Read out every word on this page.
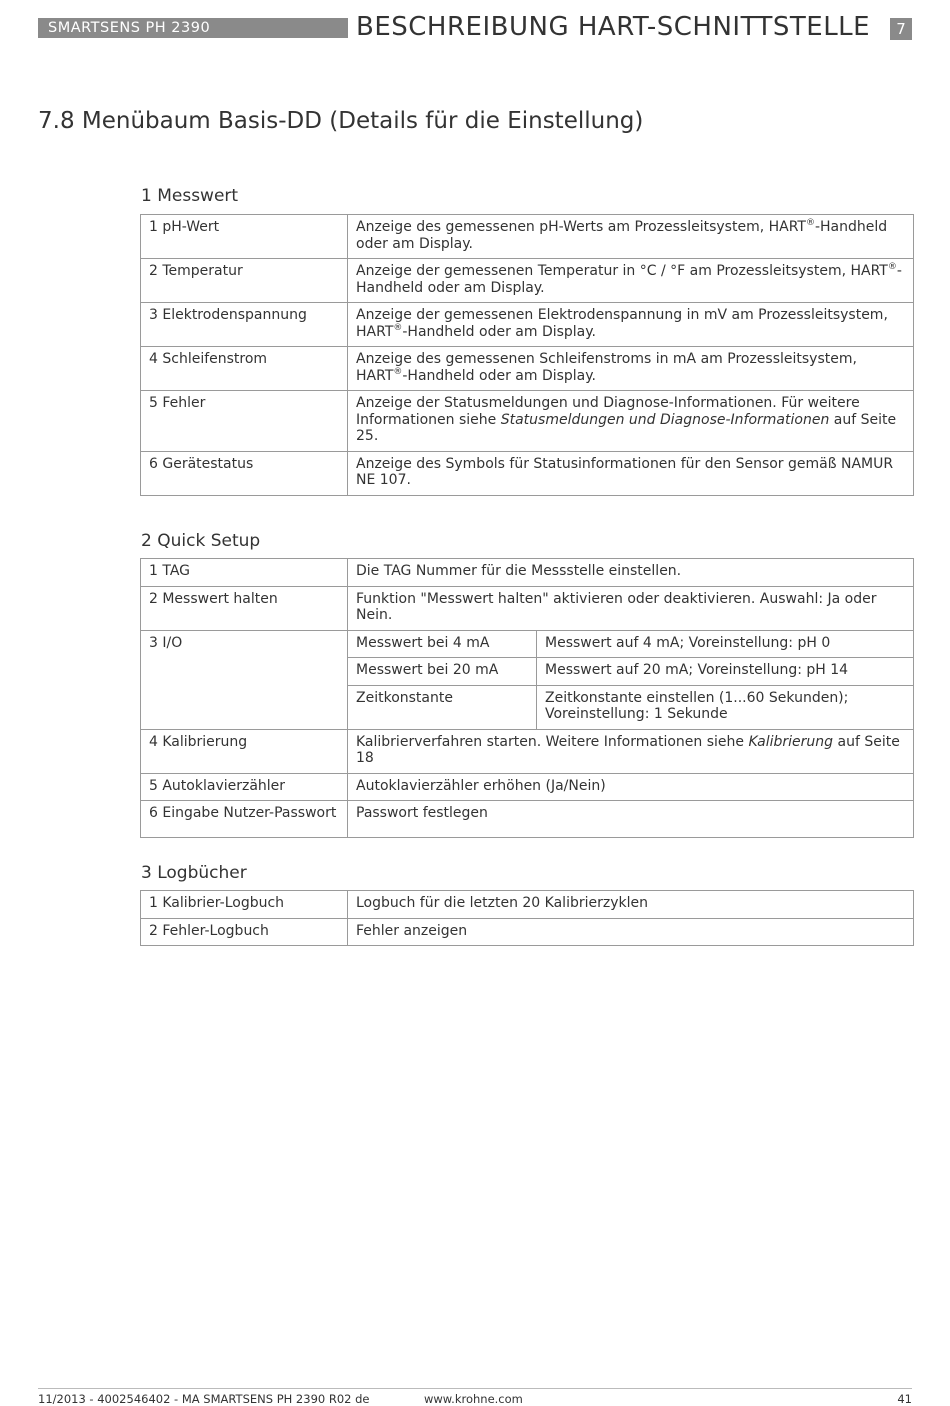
SMARTSENS PH 2390	BESCHREIBUNG HART-SCHNITTSTELLE	7
7.8 Menübaum Basis-DD (Details für die Einstellung)
1 Messwert
1 pH-Wert	Anzeige des gemessenen pH-Werts am Prozessleitsystem, HART®-Handheld oder am Display.
2 Temperatur	Anzeige der gemessenen Temperatur in °C / °F am Prozessleitsystem, HART®-Handheld oder am Display.
3 Elektrodenspannung	Anzeige der gemessenen Elektrodenspannung in mV am Prozessleitsystem, HART®-Handheld oder am Display.
4 Schleifenstrom	Anzeige des gemessenen Schleifenstroms in mA am Prozessleitsystem, HART®-Handheld oder am Display.
5 Fehler	Anzeige der Statusmeldungen und Diagnose-Informationen. Für weitere Informationen siehe Statusmeldungen und Diagnose-Informationen auf Seite 25.
6 Gerätestatus	Anzeige des Symbols für Statusinformationen für den Sensor gemäß NAMUR NE 107.
2 Quick Setup
1 TAG	Die TAG Nummer für die Messstelle einstellen.	
2 Messwert halten	Funktion "Messwert halten" aktivieren oder deaktivieren. Auswahl: Ja oder Nein.	
3 I/O	Messwert bei 4 mA	Messwert auf 4 mA; Voreinstellung: pH 0
	Messwert bei 20 mA	Messwert auf 20 mA; Voreinstellung: pH 14
	Zeitkonstante	Zeitkonstante einstellen (1...60 Sekunden); Voreinstellung: 1 Sekunde
4 Kalibrierung	Kalibrierverfahren starten. Weitere Informationen siehe Kalibrierung auf Seite 18	
5 Autoklavierzähler	Autoklavierzähler erhöhen (Ja/Nein)	
6 Eingabe Nutzer-Passwort	Passwort festlegen	
3 Logbücher
1 Kalibrier-Logbuch	Logbuch für die letzten 20 Kalibrierzyklen
2 Fehler-Logbuch	Fehler anzeigen
11/2013 - 4002546402 - MA SMARTSENS PH 2390 R02 de	www.krohne.com	41
